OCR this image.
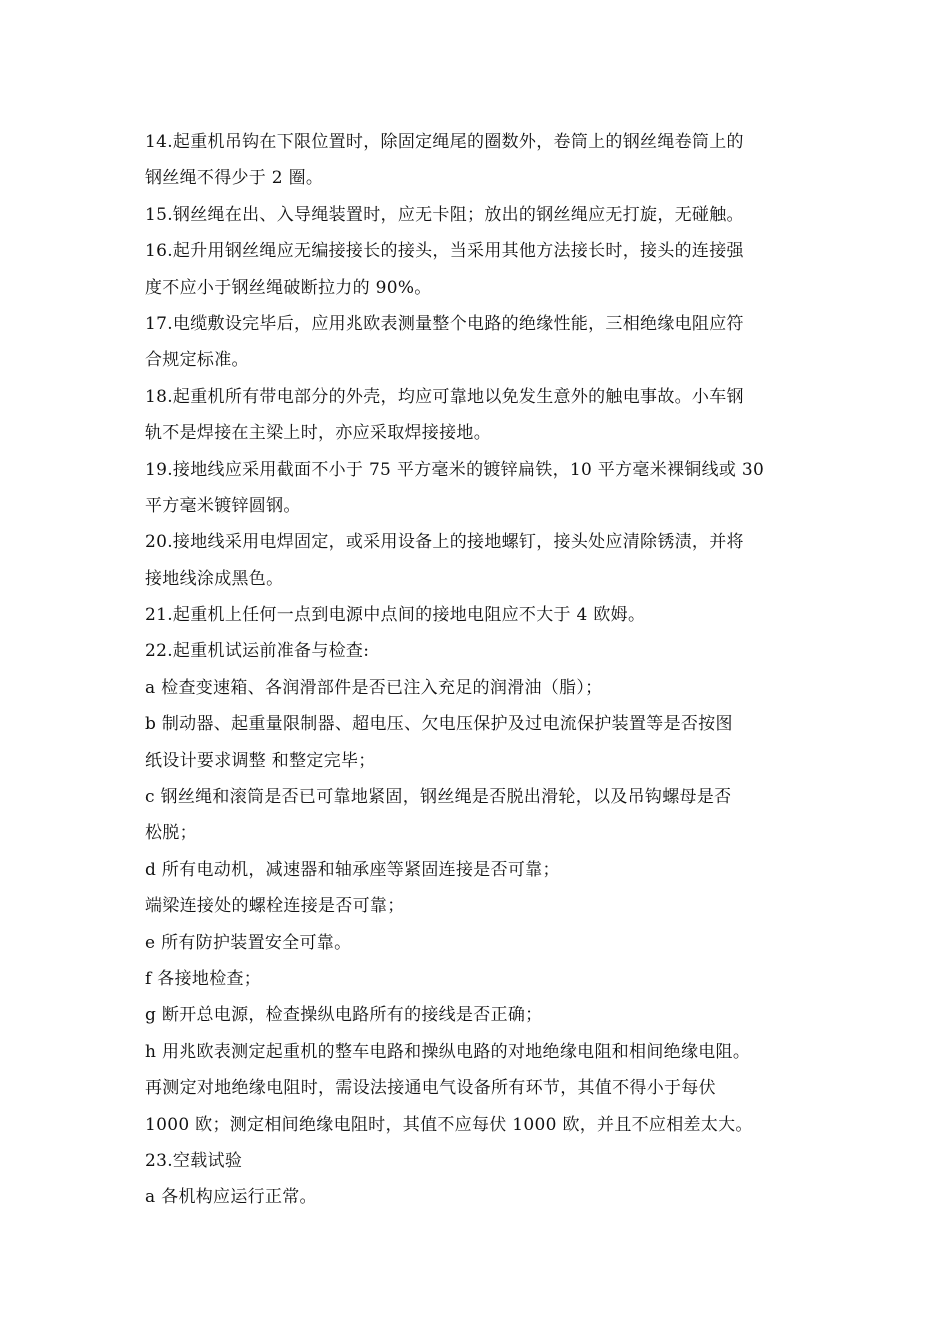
14.起重机吊钩在下限位置时，除固定绳尾的圈数外，卷筒上的钢丝绳卷筒上的
钢丝绳不得少于 2 圈。
15.钢丝绳在出、入导绳装置时，应无卡阻；放出的钢丝绳应无打旋，无碰触。
16.起升用钢丝绳应无编接接长的接头，当采用其他方法接长时，接头的连接强
度不应小于钢丝绳破断拉力的 90%。
17.电缆敷设完毕后，应用兆欧表测量整个电路的绝缘性能，三相绝缘电阻应符
合规定标准。
18.起重机所有带电部分的外壳，均应可靠地以免发生意外的触电事故。小车钢
轨不是焊接在主梁上时，亦应采取焊接接地。
19.接地线应采用截面不小于 75 平方毫米的镀锌扁铁，10 平方毫米裸铜线或 30
平方毫米镀锌圆钢。
20.接地线采用电焊固定，或采用设备上的接地螺钉，接头处应清除锈渍，并将
接地线涂成黑色。
21.起重机上任何一点到电源中点间的接地电阻应不大于 4 欧姆。
22.起重机试运前准备与检查:
a 检查变速箱、各润滑部件是否已注入充足的润滑油（脂）；
b 制动器、起重量限制器、超电压、欠电压保护及过电流保护装置等是否按图
纸设计要求调整 和整定完毕；
c 钢丝绳和滚筒是否已可靠地紧固，钢丝绳是否脱出滑轮，以及吊钩螺母是否
松脱；
d 所有电动机，减速器和轴承座等紧固连接是否可靠；
端梁连接处的螺栓连接是否可靠；
e 所有防护装置安全可靠。
f 各接地检查；
g 断开总电源，检查操纵电路所有的接线是否正确；
h 用兆欧表测定起重机的整车电路和操纵电路的对地绝缘电阻和相间绝缘电阻。
再测定对地绝缘电阻时，需设法接通电气设备所有环节，其值不得小于每伏
1000 欧；测定相间绝缘电阻时，其值不应每伏 1000 欧，并且不应相差太大。
23.空载试验
a 各机构应运行正常。
